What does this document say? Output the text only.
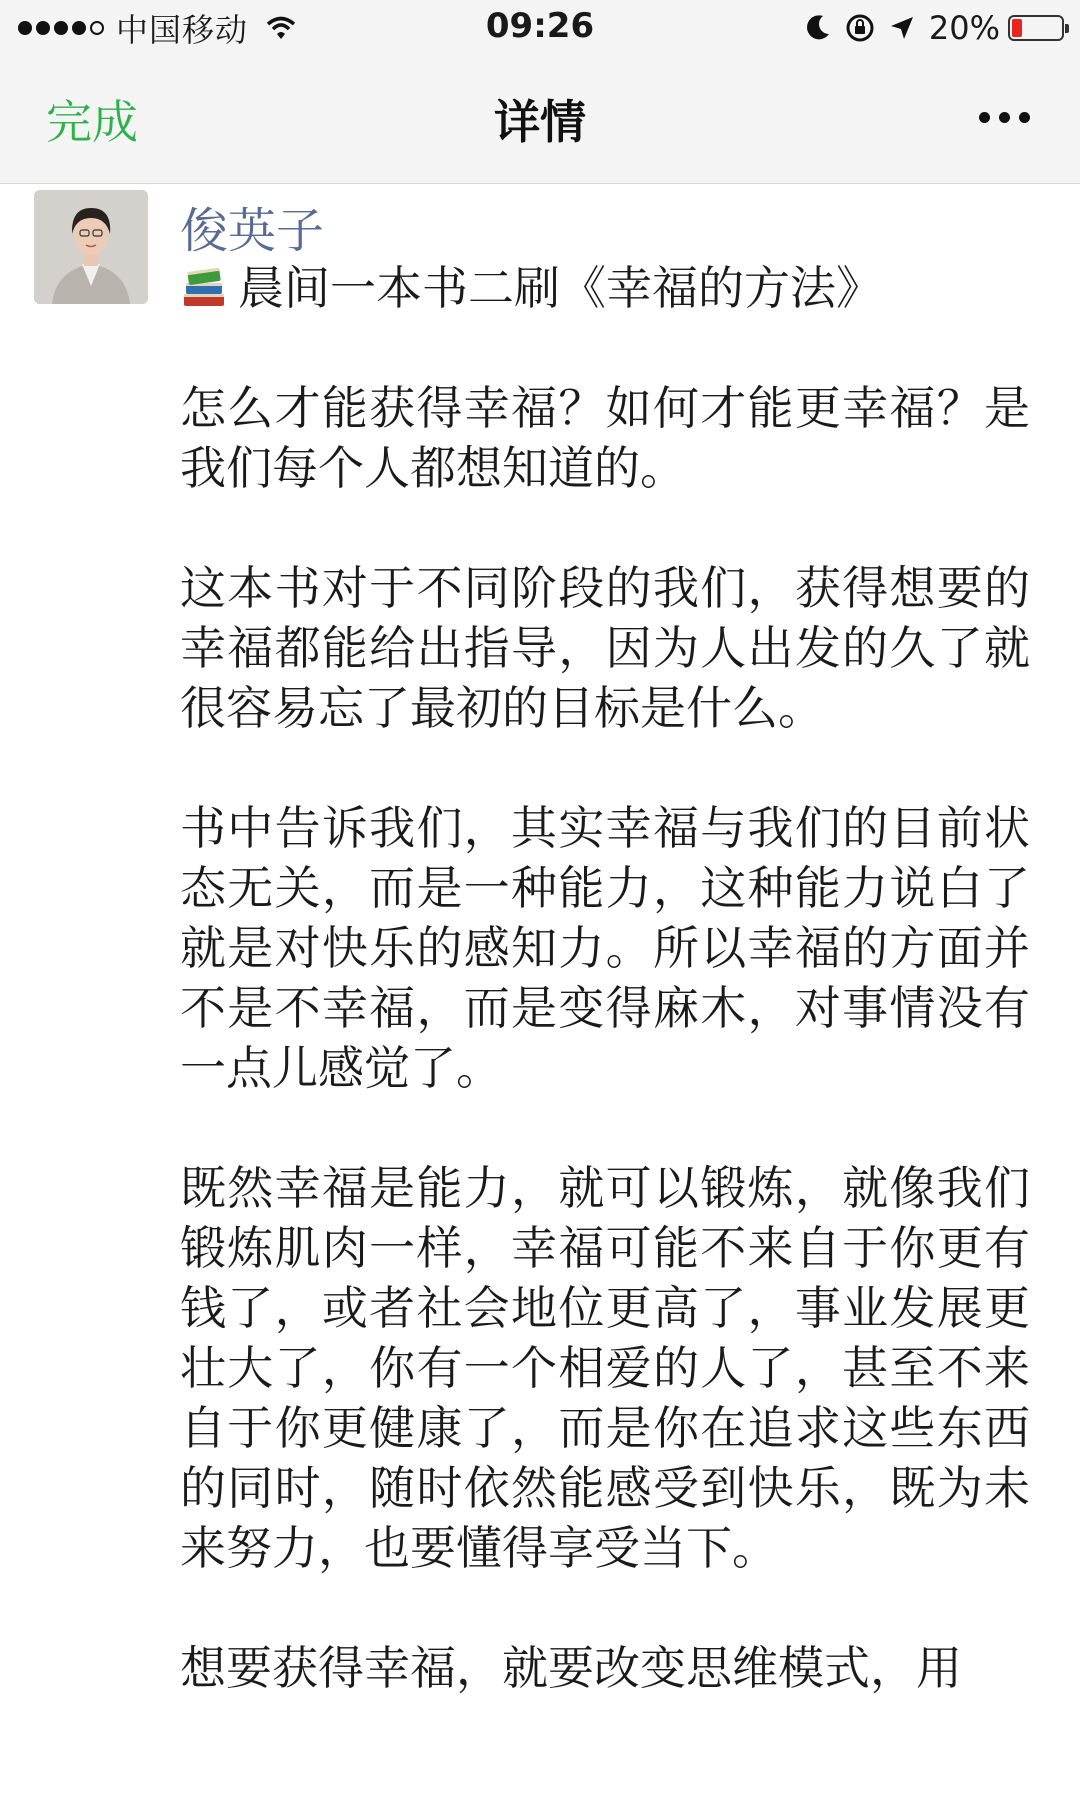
中国移动	09:26	20%
完成	详情
俊英子
晨间一本书二刷《幸福的方法》

怎么才能获得幸福？如何才能更幸福？是我们每个人都想知道的。

这本书对于不同阶段的我们，获得想要的幸福都能给出指导，因为人出发的久了就很容易忘了最初的目标是什么。

书中告诉我们，其实幸福与我们的目前状态无关，而是一种能力，这种能力说白了就是对快乐的感知力。所以幸福的方面并不是不幸福，而是变得麻木，对事情没有一点儿感觉了。

既然幸福是能力，就可以锻炼，就像我们锻炼肌肉一样，幸福可能不来自于你更有钱了，或者社会地位更高了，事业发展更壮大了，你有一个相爱的人了，甚至不来自于你更健康了，而是你在追求这些东西的同时，随时依然能感受到快乐，既为未来努力，也要懂得享受当下。

想要获得幸福，就要改变思维模式，用
